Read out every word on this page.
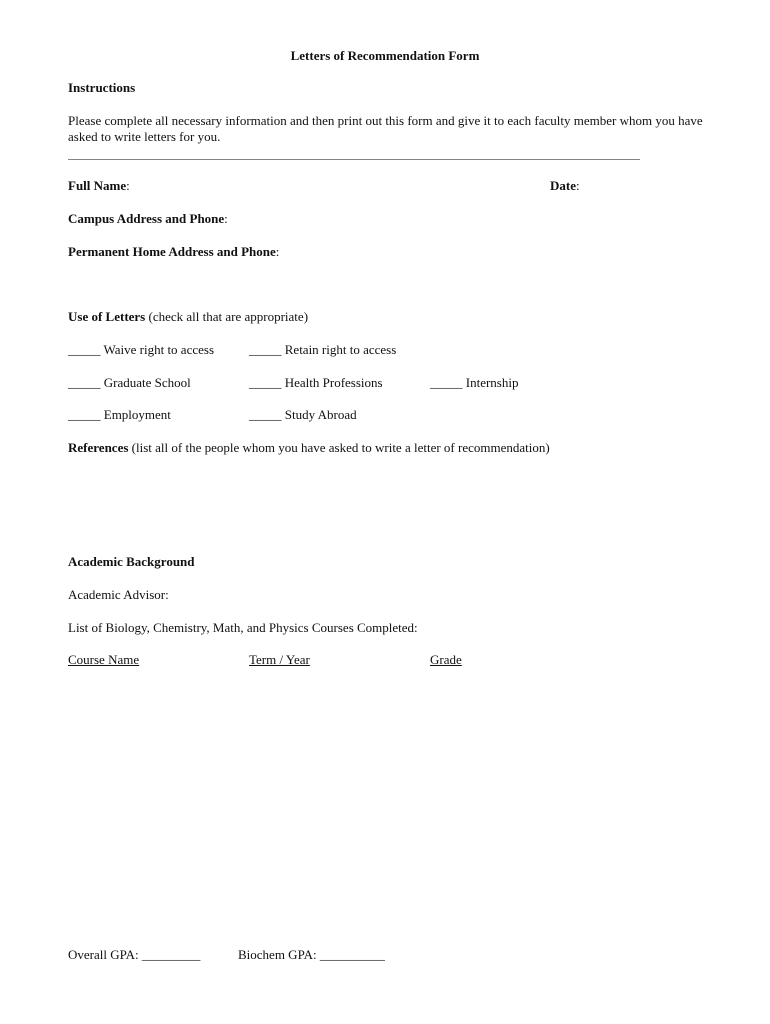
Letters of Recommendation Form
Instructions
Please complete all necessary information and then print out this form and give it to each faculty member whom you have asked to write letters for you.
________________________________________________________________________________________________________
Full Name:	Date:
Campus Address and Phone:
Permanent Home Address and Phone:
Use of Letters (check all that are appropriate)
_____ Waive right to access	_____ Retain right to access
_____ Graduate School	_____ Health Professions	_____ Internship
_____ Employment	_____ Study Abroad
References (list all of the people whom you have asked to write a letter of recommendation)
Academic Background
Academic Advisor:
List of Biology, Chemistry, Math, and Physics Courses Completed:
Course Name	Term / Year	Grade
Overall GPA: _________	Biochem GPA: __________
